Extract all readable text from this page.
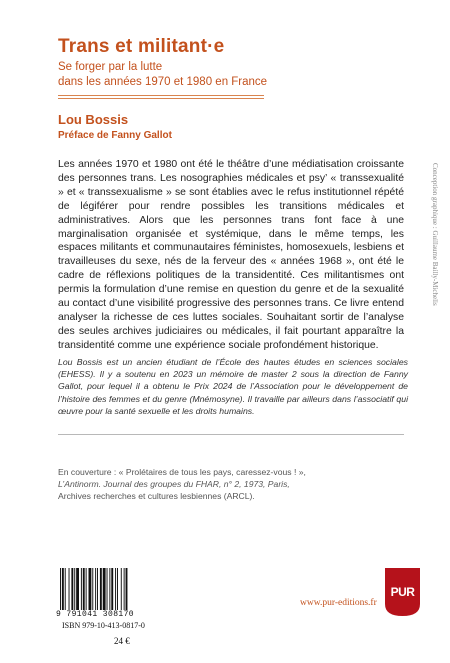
Trans et militant·e
Se forger par la lutte
dans les années 1970 et 1980 en France
Lou Bossis
Préface de Fanny Gallot

Les années 1970 et 1980 ont été le théâtre d’une médiatisation croissante des personnes trans. Les nosographies médicales et psy’ « transsexualité » et « transsexualisme » se sont établies avec le refus institutionnel répété de légiférer pour rendre possibles les transitions médicales et administratives. Alors que les personnes trans font face à une marginalisation organisée et systémique, dans le même temps, les espaces militants et communautaires féministes, homosexuels, lesbiens et travailleuses du sexe, nés de la ferveur des « années 1968 », ont été le cadre de réflexions politiques de la transidentité. Ces militantismes ont permis la formulation d’une remise en question du genre et de la sexualité au contact d’une visibilité progressive des personnes trans. Ce livre entend analyser la richesse de ces luttes sociales. Souhaitant sortir de l’analyse des seules archives judiciaires ou médicales, il fait pourtant apparaître la transidentité comme une expérience sociale profondément historique.

Lou Bossis est un ancien étudiant de l’École des hautes études en sciences sociales (EHESS). Il y a soutenu en 2023 un mémoire de master 2 sous la direction de Fanny Gallot, pour lequel il a obtenu le Prix 2024 de l’Association pour le développement de l’histoire des femmes et du genre (Mnémosyne). Il travaille par ailleurs dans l’associatif qui œuvre pour la santé sexuelle et les droits humains.

En couverture : « Prolétaires de tous les pays, caressez-vous ! »,
L’Antinorm. Journal des groupes du FHAR, n° 2, 1973, Paris,
Archives recherches et cultures lesbiennes (ARCL).
Conception graphique : Guillaume Bailly-Michelis
9 791041 308170
ISBN 979-10-413-0817-0
24 €
www.pur-editions.fr
PUR
